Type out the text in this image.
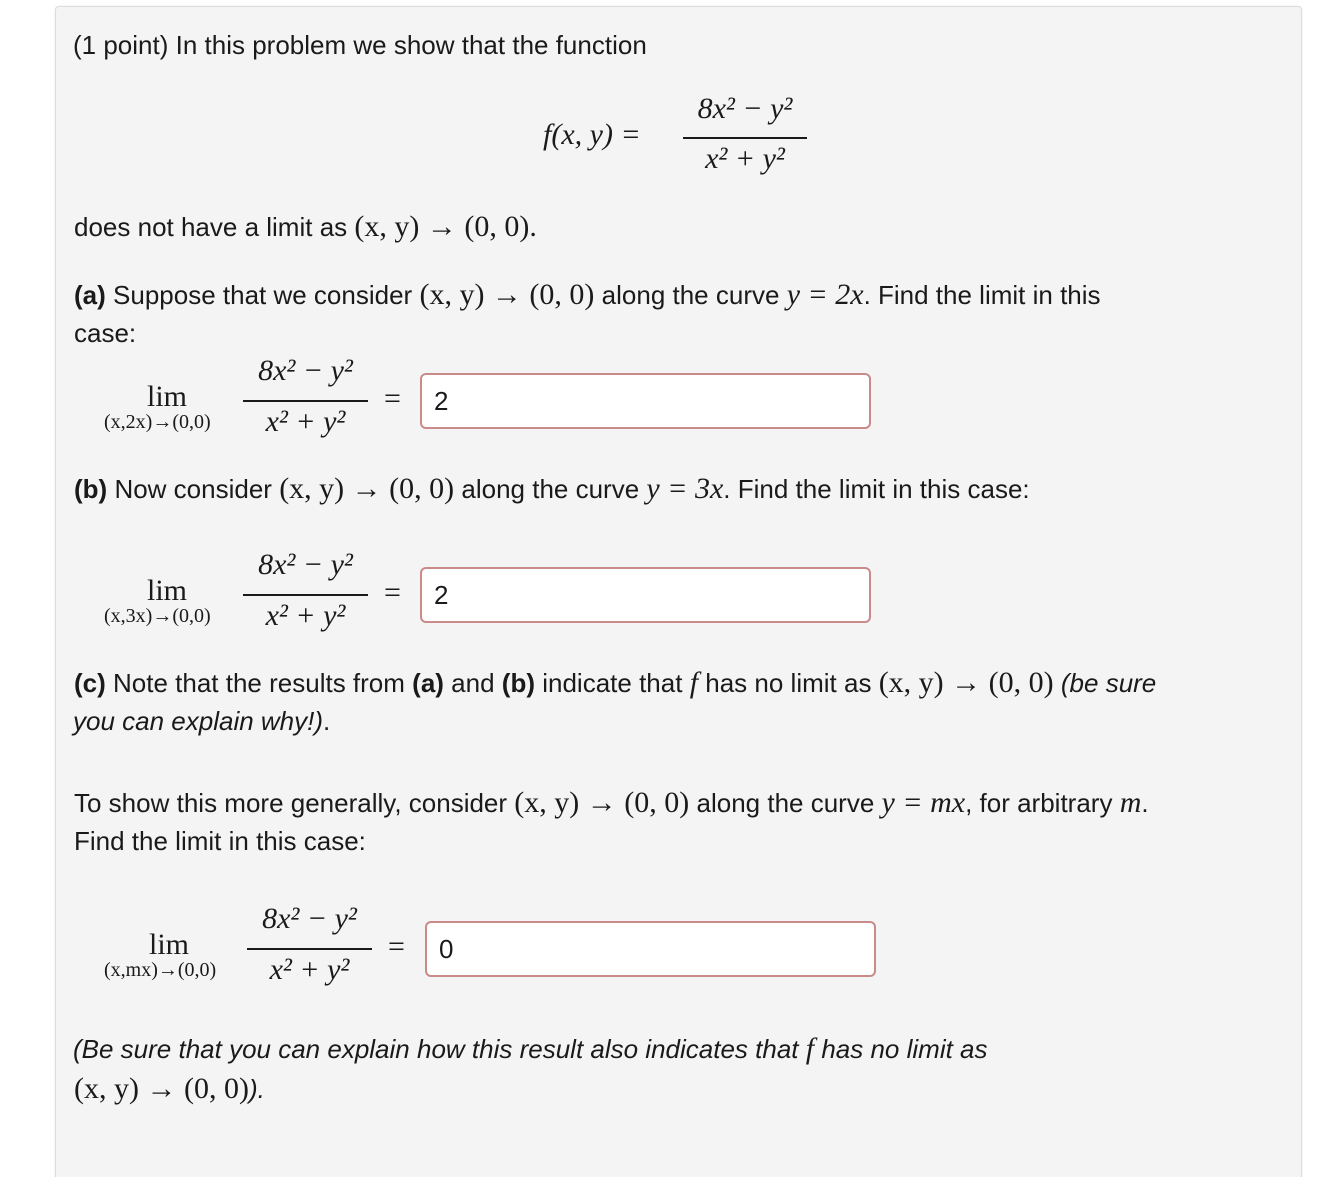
(1 point) In this problem we show that the function
f(x, y) =
8x² − y²
x² + y²
does not have a limit as (x, y) → (0, 0).
(a) Suppose that we consider (x, y) → (0, 0) along the curve y = 2x. Find the limit in this
case:
lim
(x,2x)→(0,0)
8x² − y²
x² + y²
=
2
(b) Now consider (x, y) → (0, 0) along the curve y = 3x. Find the limit in this case:
lim
(x,3x)→(0,0)
8x² − y²
x² + y²
=
2
(c) Note that the results from (a) and (b) indicate that f has no limit as (x, y) → (0, 0) (be sure
you can explain why!).
To show this more generally, consider (x, y) → (0, 0) along the curve y = mx, for arbitrary m.
Find the limit in this case:
lim
(x,mx)→(0,0)
8x² − y²
x² + y²
=
0
(Be sure that you can explain how this result also indicates that f has no limit as
(x, y) → (0, 0)).
